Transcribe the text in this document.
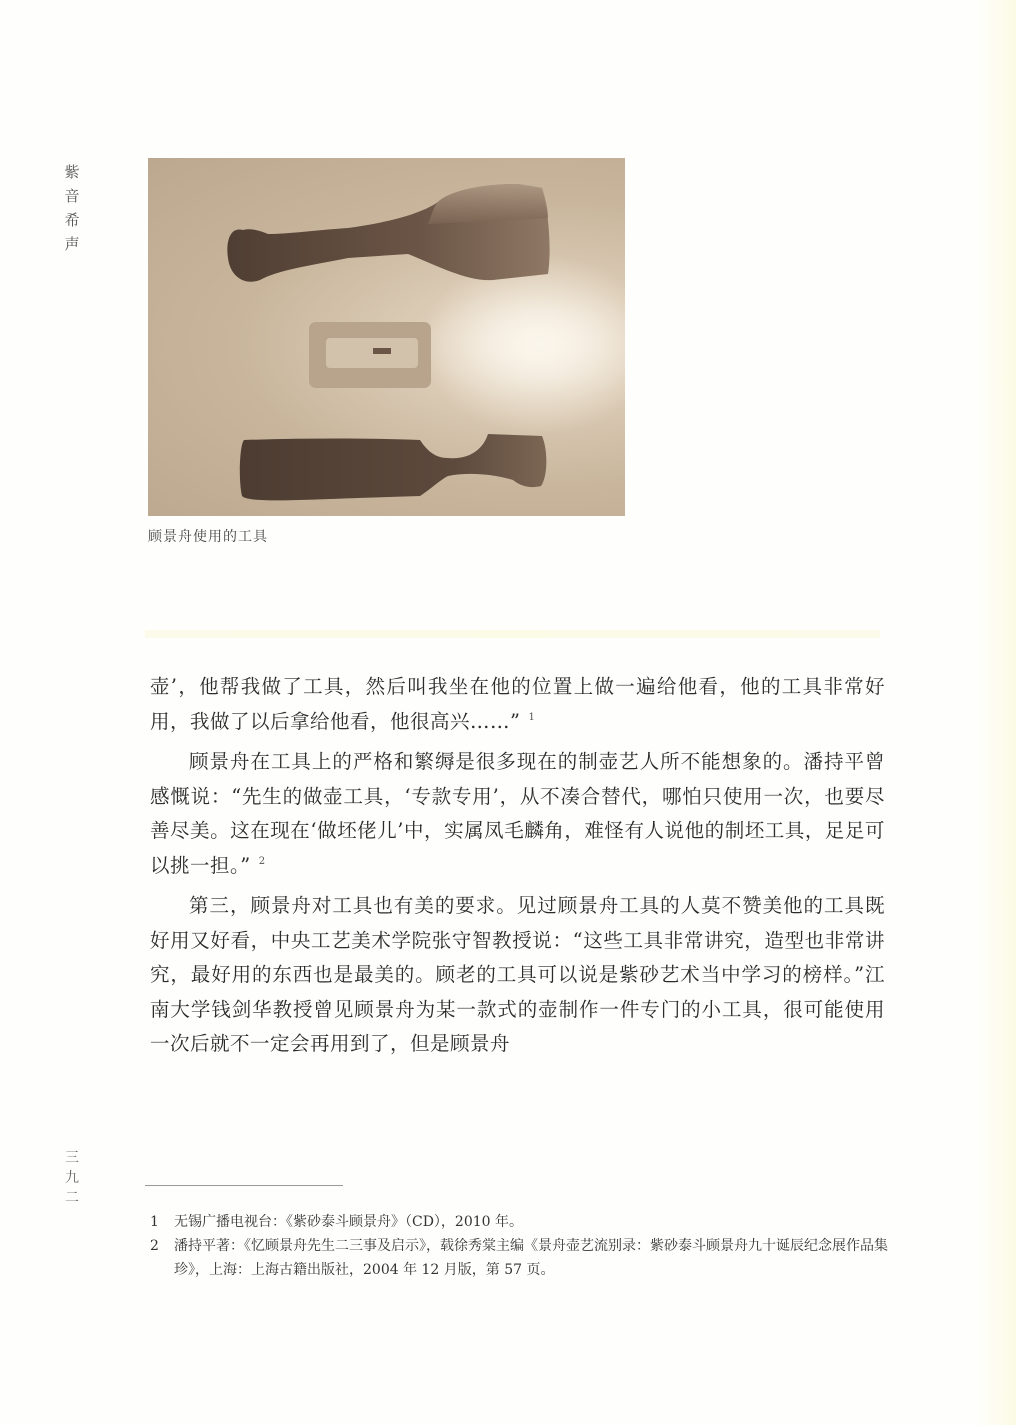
紫
音
希
声
顾景舟使用的工具

壶’，他帮我做了工具，然后叫我坐在他的位置上做一遍给他看，他的工具非常好用，我做了以后拿给他看，他很高兴……” $^1$

顾景舟在工具上的严格和繁缛是很多现在的制壶艺人所不能想象的。潘持平曾感慨说：“先生的做壶工具，‘专款专用’，从不凑合替代，哪怕只使用一次，也要尽善尽美。这在现在‘做坯佬儿’中，实属凤毛麟角，难怪有人说他的制坯工具，足足可以挑一担。” $^2$

第三，顾景舟对工具也有美的要求。见过顾景舟工具的人莫不赞美他的工具既好用又好看，中央工艺美术学院张守智教授说：“这些工具非常讲究，造型也非常讲究，最好用的东西也是最美的。顾老的工具可以说是紫砂艺术当中学习的榜样。”江南大学钱剑华教授曾见顾景舟为某一款式的壶制作一件专门的小工具，很可能使用一次后就不一定会再用到了，但是顾景舟

三
九
二

1	无锡广播电视台：《紫砂泰斗顾景舟》（CD），2010 年。

2	潘持平著：《忆顾景舟先生二三事及启示》，载徐秀棠主编《景舟壶艺流别录：紫砂泰斗顾景舟九十诞辰纪念展作品集珍》，上海：上海古籍出版社，2004 年 12 月版，第 57 页。
